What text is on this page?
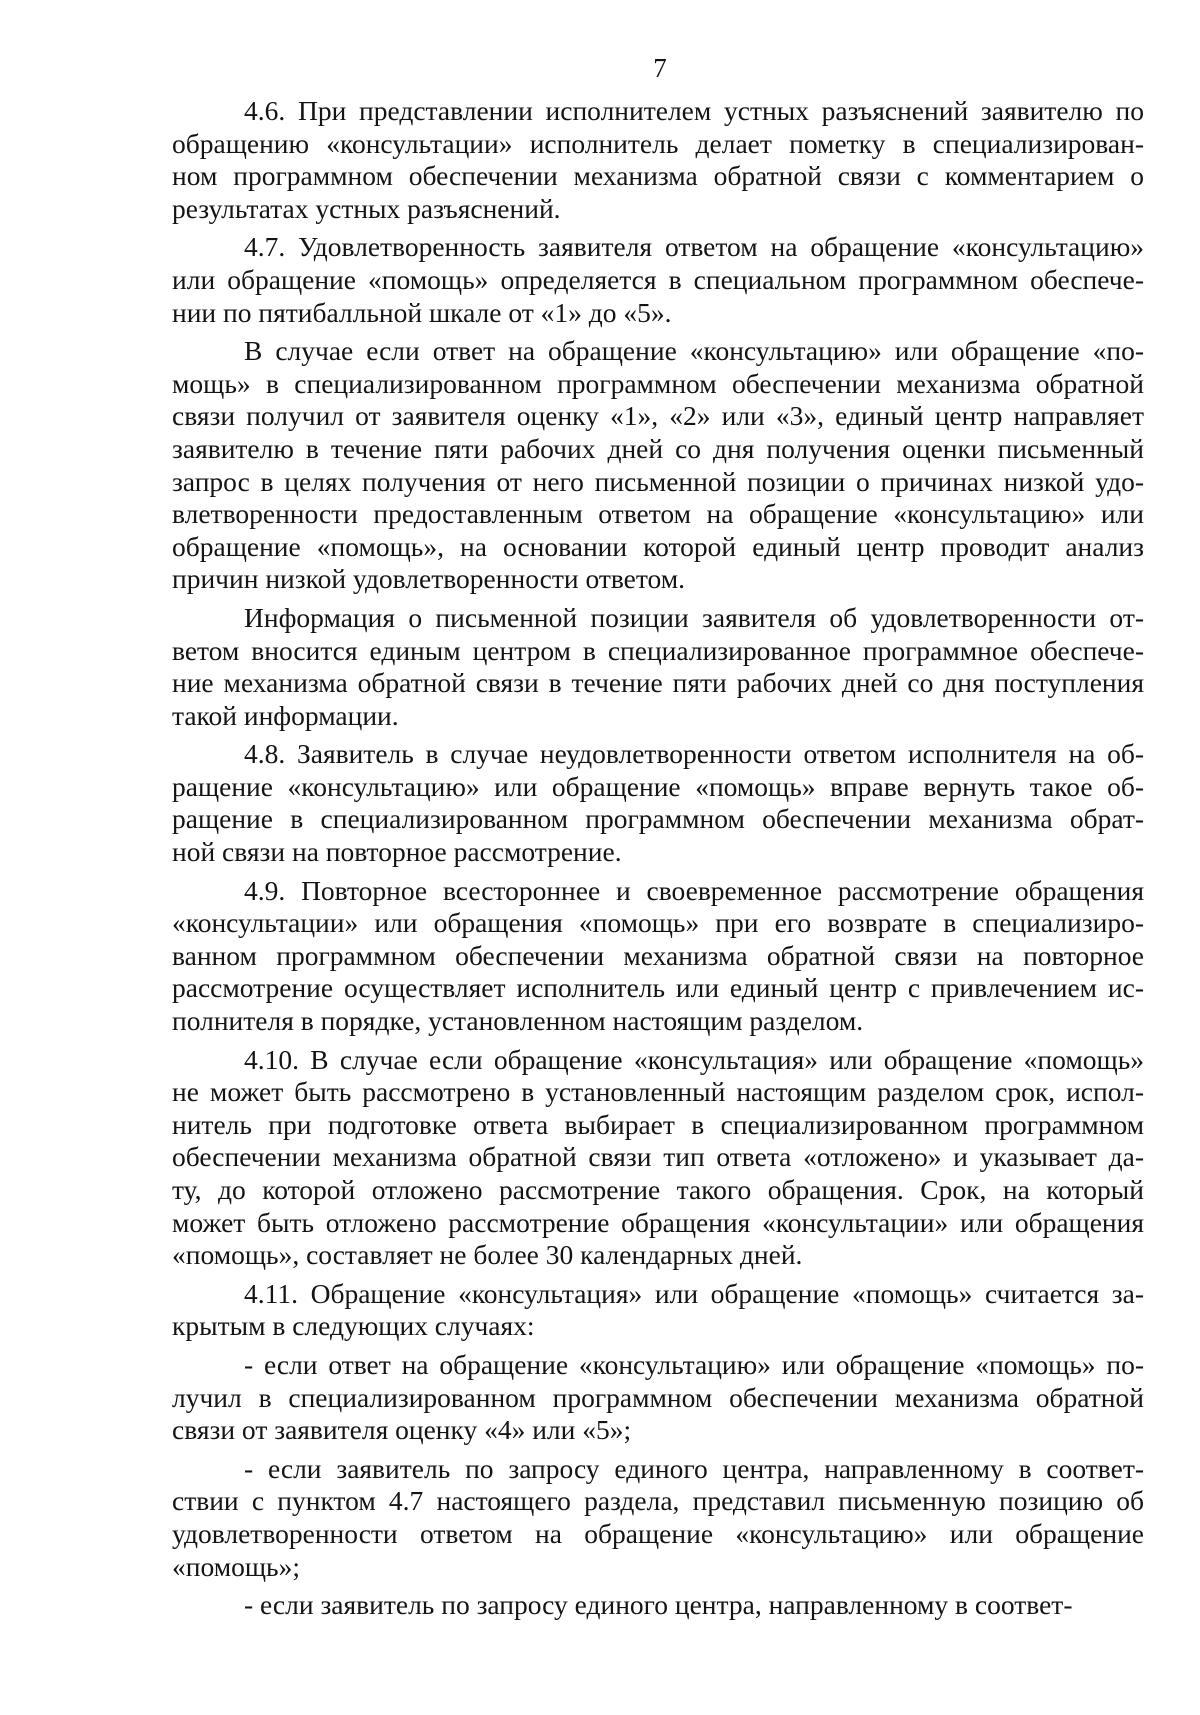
7

4.6. При представлении исполнителем устных разъяснений заявителю по
обращению «консультации» исполнитель делает пометку в специализирован-
ном программном обеспечении механизма обратной связи с комментарием о
результатах устных разъяснений.

4.7. Удовлетворенность заявителя ответом на обращение «консультацию»
или обращение «помощь» определяется в специальном программном обеспече-
нии по пятибалльной шкале от «1» до «5».

В случае если ответ на обращение «консультацию» или обращение «по-
мощь» в специализированном программном обеспечении механизма обратной
связи получил от заявителя оценку «1», «2» или «3», единый центр направляет
заявителю в течение пяти рабочих дней со дня получения оценки письменный
запрос в целях получения от него письменной позиции о причинах низкой удо-
влетворенности предоставленным ответом на обращение «консультацию» или
обращение «помощь», на основании которой единый центр проводит анализ
причин низкой удовлетворенности ответом.

Информация о письменной позиции заявителя об удовлетворенности от-
ветом вносится единым центром в специализированное программное обеспече-
ние механизма обратной связи в течение пяти рабочих дней со дня поступления
такой информации.

4.8. Заявитель в случае неудовлетворенности ответом исполнителя на об-
ращение «консультацию» или обращение «помощь» вправе вернуть такое об-
ращение в специализированном программном обеспечении механизма обрат-
ной связи на повторное рассмотрение.

4.9. Повторное всестороннее и своевременное рассмотрение обращения
«консультации» или обращения «помощь» при его возврате в специализиро-
ванном программном обеспечении механизма обратной связи на повторное
рассмотрение осуществляет исполнитель или единый центр с привлечением ис-
полнителя в порядке, установленном настоящим разделом.

4.10. В случае если обращение «консультация» или обращение «помощь»
не может быть рассмотрено в установленный настоящим разделом срок, испол-
нитель при подготовке ответа выбирает в специализированном программном
обеспечении механизма обратной связи тип ответа «отложено» и указывает да-
ту, до которой отложено рассмотрение такого обращения. Срок, на который
может быть отложено рассмотрение обращения «консультации» или обращения
«помощь», составляет не более 30 календарных дней.

4.11. Обращение «консультация» или обращение «помощь» считается за-
крытым в следующих случаях:

- если ответ на обращение «консультацию» или обращение «помощь» по-
лучил в специализированном программном обеспечении механизма обратной
связи от заявителя оценку «4» или «5»;

- если заявитель по запросу единого центра, направленному в соответ-
ствии с пунктом 4.7 настоящего раздела, представил письменную позицию об
удовлетворенности ответом на обращение «консультацию» или обращение
«помощь»;

- если заявитель по запросу единого центра, направленному в соответ-
